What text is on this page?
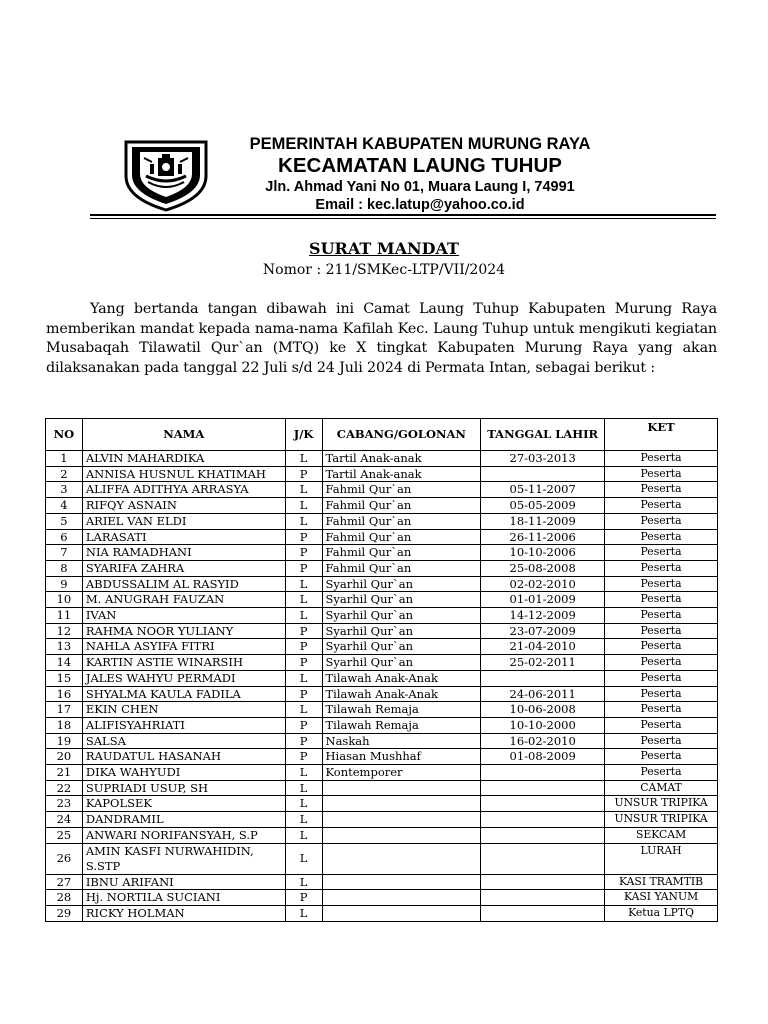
PEMERINTAH KABUPATEN MURUNG RAYA
KECAMATAN LAUNG TUHUP
Jln. Ahmad Yani No 01, Muara Laung I, 74991
Email : kec.latup@yahoo.co.id
SURAT MANDAT
Nomor : 211/SMKec-LTP/VII/2024
Yang bertanda tangan dibawah ini Camat Laung Tuhup Kabupaten Murung Raya memberikan mandat kepada nama-nama Kafilah Kec. Laung Tuhup untuk mengikuti kegiatan Musabaqah Tilawatil Qur`an (MTQ) ke X tingkat Kabupaten Murung Raya yang akan dilaksanakan pada tanggal 22 Juli s/d 24 Juli 2024 di Permata Intan, sebagai berikut :
NO	NAMA	J/K	CABANG/GOLONAN	TANGGAL LAHIR	KET
1	ALVIN MAHARDIKA	L	Tartil Anak-anak	27-03-2013	Peserta
2	ANNISA HUSNUL KHATIMAH	P	Tartil Anak-anak		Peserta
3	ALIFFA ADITHYA ARRASYA	L	Fahmil Qur`an	05-11-2007	Peserta
4	RIFQY ASNAIN	L	Fahmil Qur`an	05-05-2009	Peserta
5	ARIEL VAN ELDI	L	Fahmil Qur`an	18-11-2009	Peserta
6	LARASATI	P	Fahmil Qur`an	26-11-2006	Peserta
7	NIA RAMADHANI	P	Fahmil Qur`an	10-10-2006	Peserta
8	SYARIFA ZAHRA	P	Fahmil Qur`an	25-08-2008	Peserta
9	ABDUSSALIM AL RASYID	L	Syarhil Qur`an	02-02-2010	Peserta
10	M. ANUGRAH FAUZAN	L	Syarhil Qur`an	01-01-2009	Peserta
11	IVAN	L	Syarhil Qur`an	14-12-2009	Peserta
12	RAHMA NOOR YULIANY	P	Syarhil Qur`an	23-07-2009	Peserta
13	NAHLA ASYIFA FITRI	P	Syarhil Qur`an	21-04-2010	Peserta
14	KARTIN ASTIE WINARSIH	P	Syarhil Qur`an	25-02-2011	Peserta
15	JALES WAHYU PERMADI	L	Tilawah Anak-Anak		Peserta
16	SHYALMA KAULA FADILA	P	Tilawah Anak-Anak	24-06-2011	Peserta
17	EKIN CHEN	L	Tilawah Remaja	10-06-2008	Peserta
18	ALIFISYAHRIATI	P	Tilawah Remaja	10-10-2000	Peserta
19	SALSA	P	Naskah	16-02-2010	Peserta
20	RAUDATUL HASANAH	P	Hiasan Mushhaf	01-08-2009	Peserta
21	DIKA WAHYUDI	L	Kontemporer		Peserta
22	SUPRIADI USUP, SH	L			CAMAT
23	KAPOLSEK	L			UNSUR TRIPIKA
24	DANDRAMIL	L			UNSUR TRIPIKA
25	ANWARI NORIFANSYAH, S.P	L			SEKCAM
26	AMIN KASFI NURWAHIDIN, S.STP	L			LURAH
27	IBNU ARIFANI	L			KASI TRAMTIB
28	Hj. NORTILA SUCIANI	P			KASI YANUM
29	RICKY HOLMAN	L			Ketua LPTQ
